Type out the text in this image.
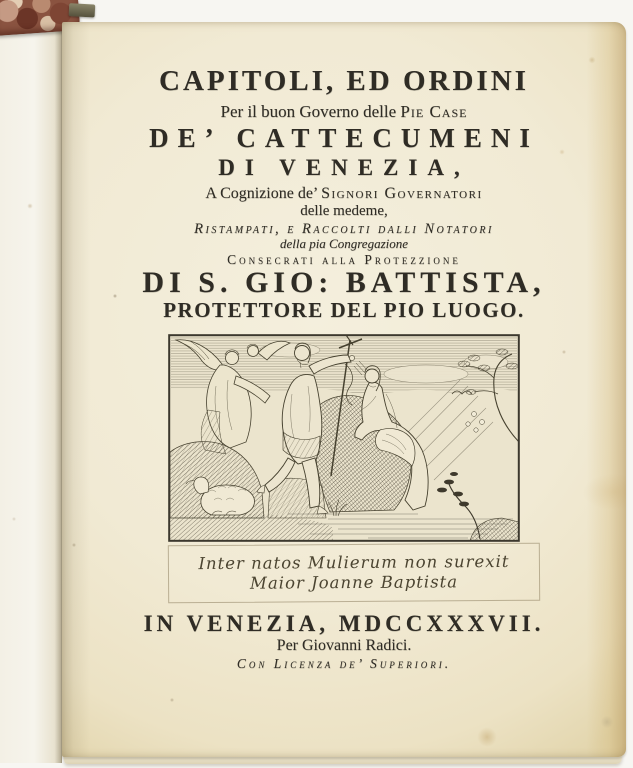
CAPITOLI, ED ORDINI
Per il buon Governo delle Pie Case
DE’ CATTECUMENI
DI VENEZIA,
A Cognizione de’ Signori Governatori
delle medeme,
Ristampati, e Raccolti dalli Notatori
della pia Congregazione
Consecrati alla Protezzione
DI S. GIO: BATTISTA,
PROTETTORE DEL PIO LUOGO.
Inter natos Mulierum non surexit
Maior Joanne Baptista
IN VENEZIA, MDCCXXXVII.
Per Giovanni Radici.
Con Licenza de’ Superiori.
